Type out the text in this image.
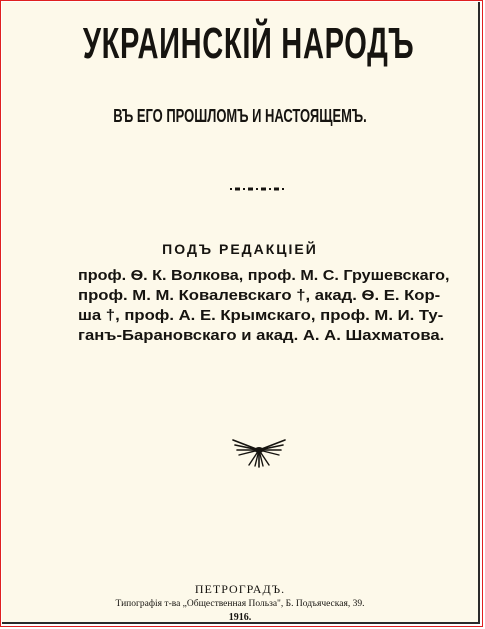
УКРАИНСКІЙ НАРОДЪ
ВЪ ЕГО ПРОШЛОМЪ И НАСТОЯЩЕМЪ.
ПОДЪ РЕДАКЦІЕЙ
проф. Ѳ. К. Волкова, проф. М. С. Грушевскаго,
проф. М. М. Ковалевскаго †, акад. Ѳ. Е. Кор-
ша †, проф. А. Е. Крымскаго, проф. М. И. Ту-
ганъ-Барановскаго и акад. А. А. Шахматова.
ПЕТРОГРАДЪ.
Типографія т-ва „Общественная Польза", Б. Подъяческая, 39.
1916.
